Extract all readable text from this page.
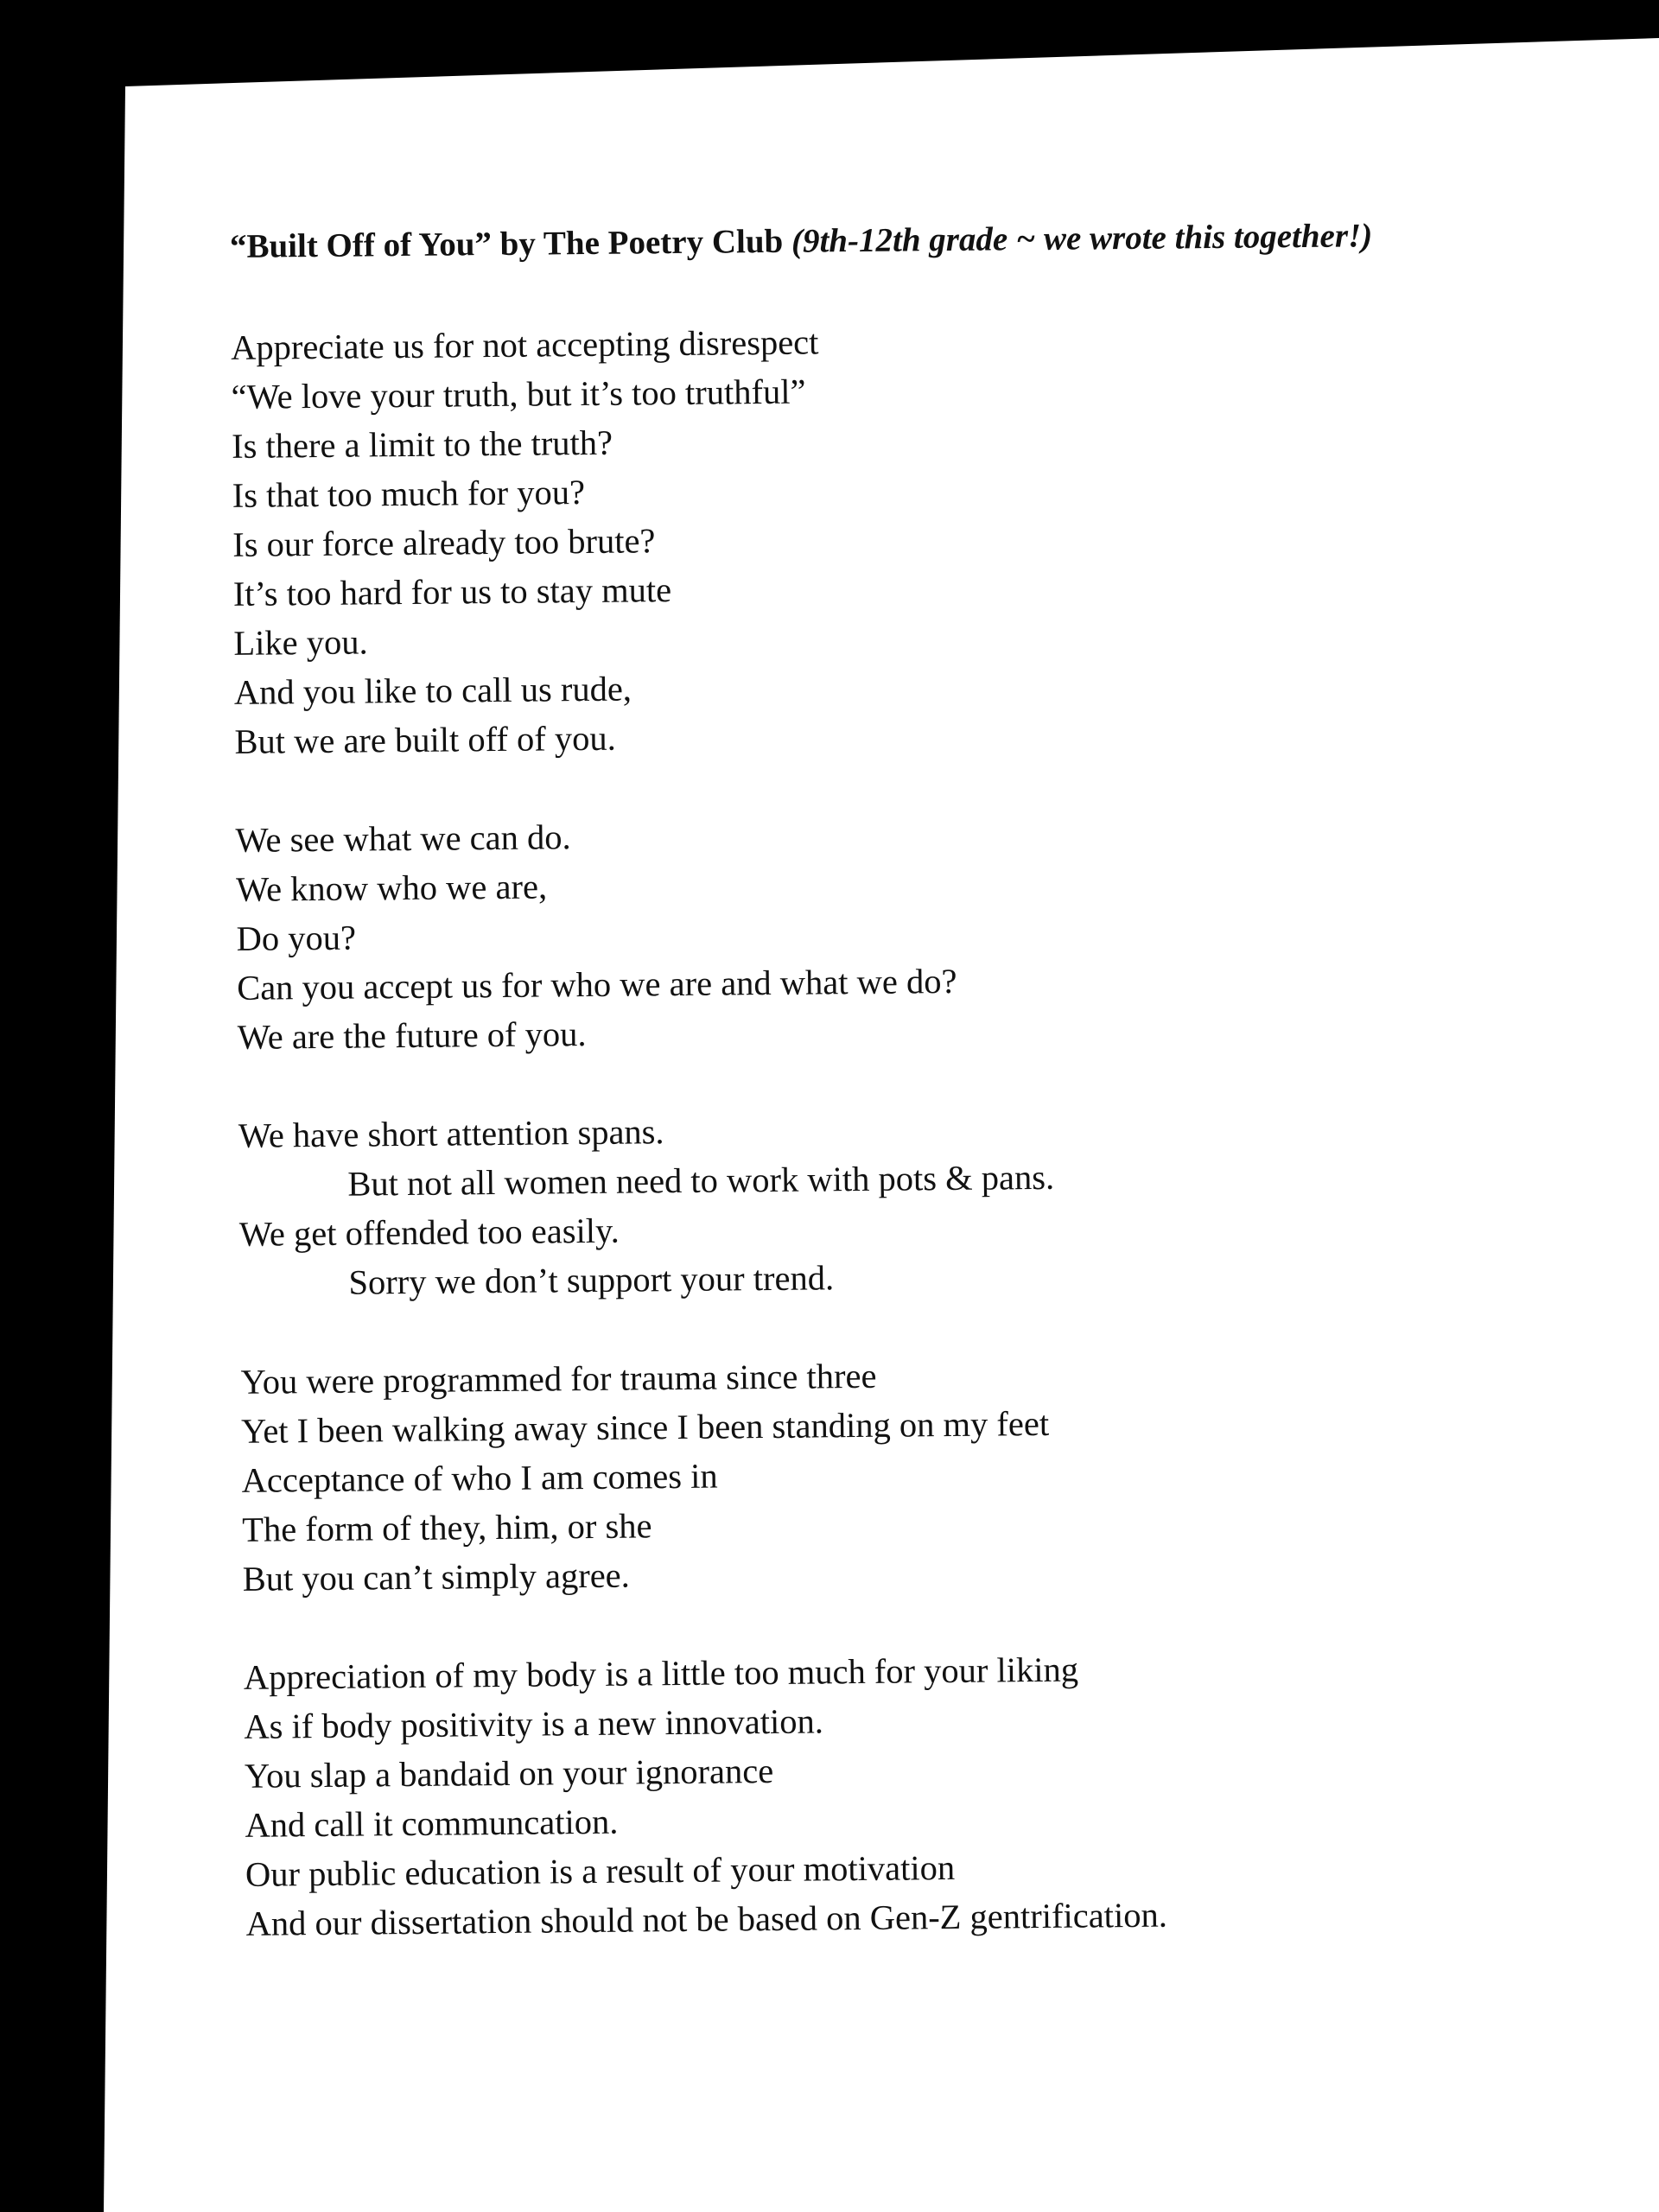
“Built Off of You” by The Poetry Club (9th-12th grade ~ we wrote this together!)
Appreciate us for not accepting disrespect
“We love your truth, but it’s too truthful”
Is there a limit to the truth?
Is that too much for you?
Is our force already too brute?
It’s too hard for us to stay mute
Like you.
And you like to call us rude,
But we are built off of you.
We see what we can do.
We know who we are,
Do you?
Can you accept us for who we are and what we do?
We are the future of you.
We have short attention spans.
But not all women need to work with pots & pans.
We get offended too easily.
Sorry we don’t support your trend.
You were programmed for trauma since three
Yet I been walking away since I been standing on my feet
Acceptance of who I am comes in
The form of they, him, or she
But you can’t simply agree.
Appreciation of my body is a little too much for your liking
As if body positivity is a new innovation.
You slap a bandaid on your ignorance
And call it communcation.
Our public education is a result of your motivation
And our dissertation should not be based on Gen-Z gentrification.
